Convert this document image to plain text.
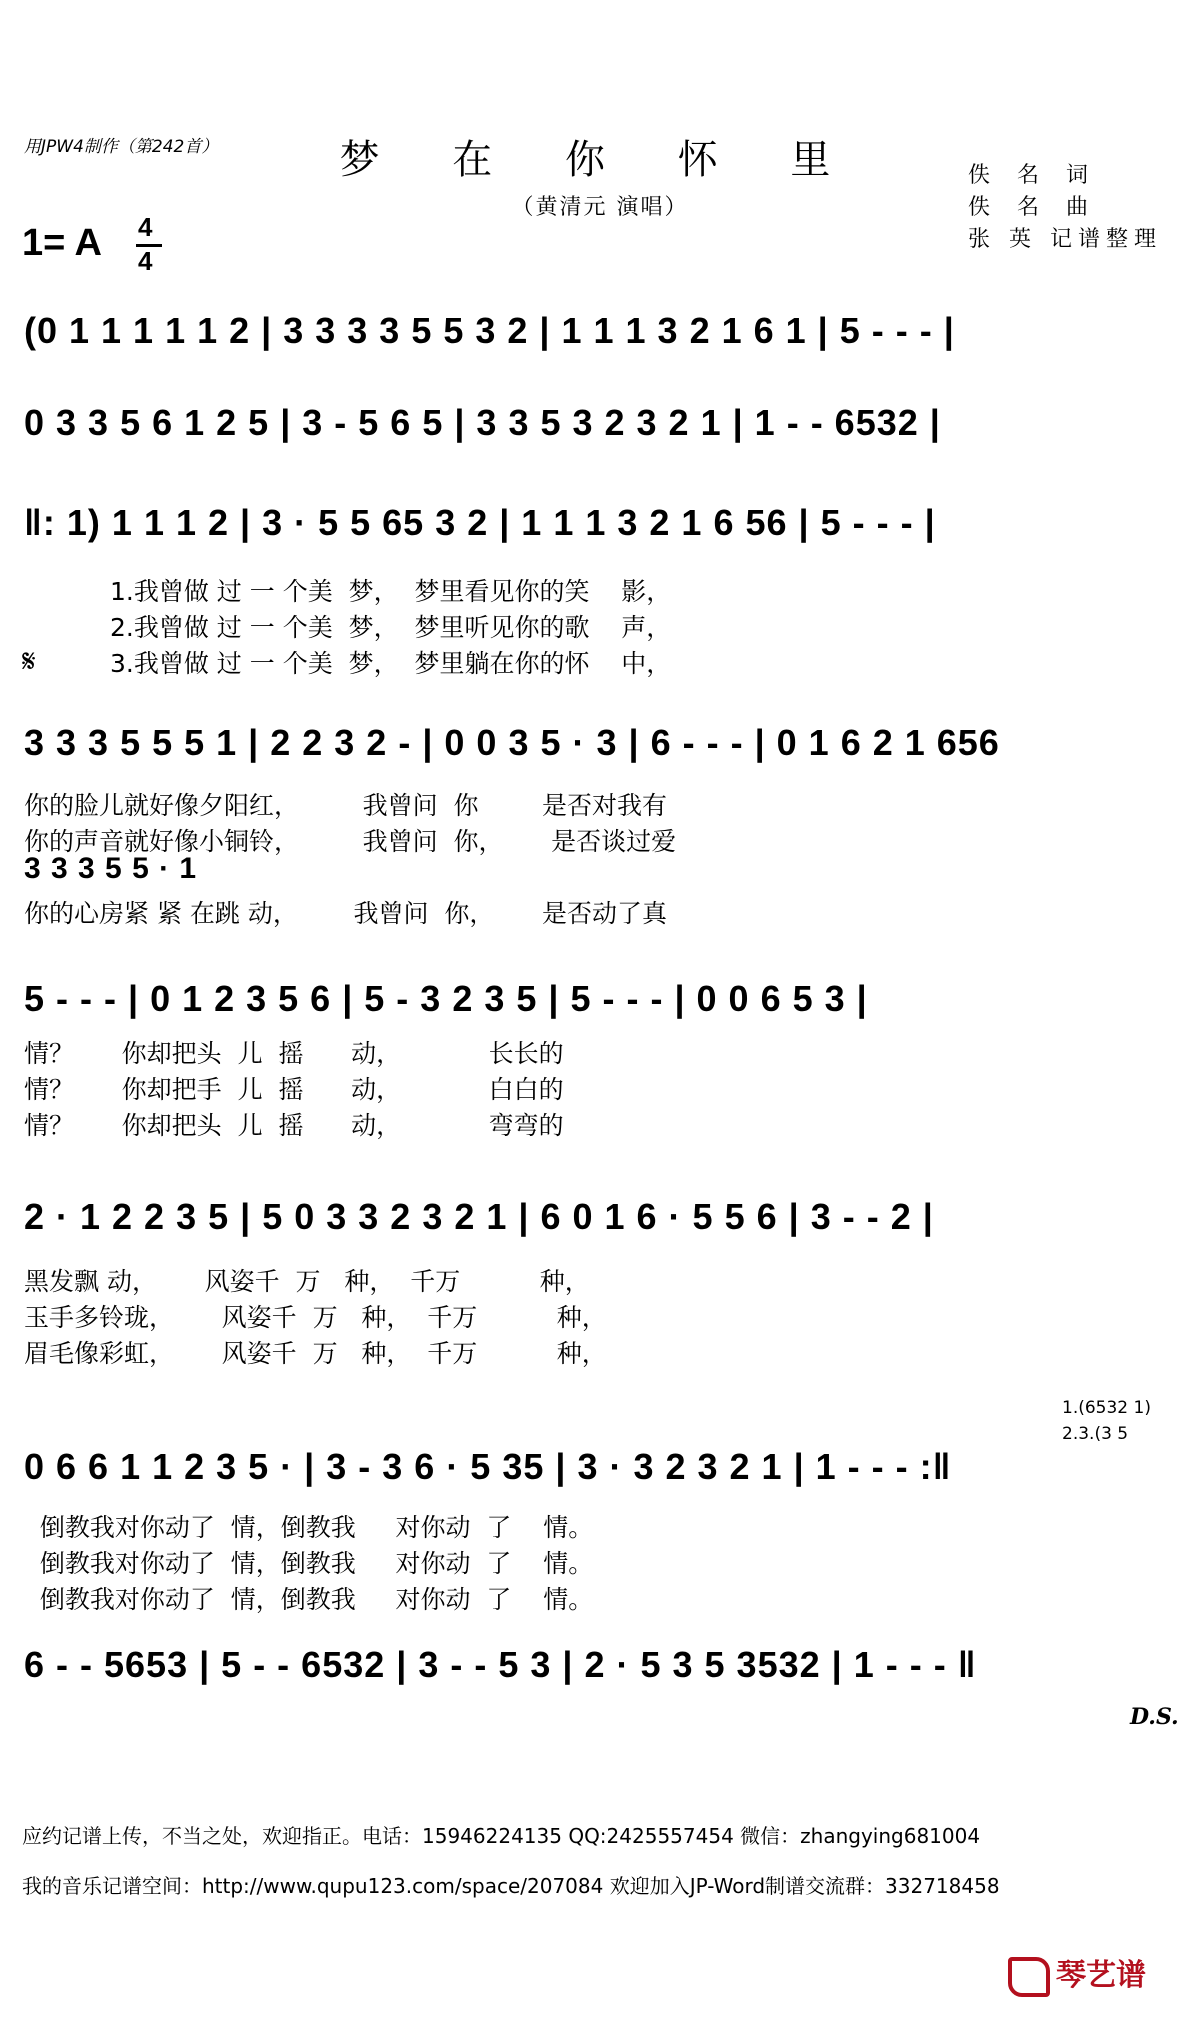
用JPW4制作（第242首）	梦 在 你 怀 里
（黄清元 演唱）
佚 名 词
佚 名 曲
张 英 记谱整理
1= A 4
4
(0 1 1 1 1 1 2 | 3 3 3 3 5 5 3 2 | 1 1 1 3 2 1 6 1 | 5 - - - |
0 3 3 5 6 1 2 5 | 3 - 5 6 5 | 3 3 5 3 2 3 2 1 | 1 - - 6532 |
‖: 1) 1 1 1 2 | 3 · 5 5 65 3 2 | 1 1 1 3 2 1 6 56 | 5 - - - |
1.我曾做 过 一 个美  梦，  梦里看见你的笑    影，
2.我曾做 过 一 个美  梦，  梦里听见你的歌    声，
3.我曾做 过 一 个美  梦，  梦里躺在你的怀    中，
𝄋
3 3 3 5 5 5 1 | 2 2 3 2 - | 0 0 3 5 · 3 | 6 - - - | 0 1 6 2 1 656
你的脸儿就好像夕阳红，        我曾问  你        是否对我有
你的声音就好像小铜铃，        我曾问  你，      是否谈过爱
3 3 3 5 5 · 1
你的心房紧 紧 在跳 动，       我曾问  你，      是否动了真
5 - - - | 0 1 2 3 5 6 | 5 - 3 2 3 5 | 5 - - - | 0 0 6 5 3 |
情？      你却把头  儿  摇      动，           长长的
情？      你却把手  儿  摇      动，           白白的
情？      你却把头  儿  摇      动，           弯弯的
2 · 1 2 2 3 5 | 5 0 3 3 2 3 2 1 | 6 0 1 6 · 5 5 6 | 3 - - 2 |
黑发飘 动，      风姿千  万   种，  千万          种，
玉手多铃珑，      风姿千  万   种，  千万          种，
眉毛像彩虹，      风姿千  万   种，  千万          种，
1.(6532 1)
2.3.(3 5
0 6 6 1 1 2 3 5 · | 3 - 3 6 · 5 35 | 3 · 3 2 3 2 1 | 1 - - - :‖
倒教我对你动了  情，倒教我     对你动  了    情。
倒教我对你动了  情，倒教我     对你动  了    情。
倒教我对你动了  情，倒教我     对你动  了    情。
6 - - 5653 | 5 - - 6532 | 3 - - 5 3 | 2 · 5 3 5 3532 | 1 - - - ‖
D.S.
应约记谱上传，不当之处，欢迎指正。电话：15946224135 QQ:2425557454 微信：zhangying681004
我的音乐记谱空间：http://www.qupu123.com/space/207084 欢迎加入JP-Word制谱交流群：332718458
琴艺谱
